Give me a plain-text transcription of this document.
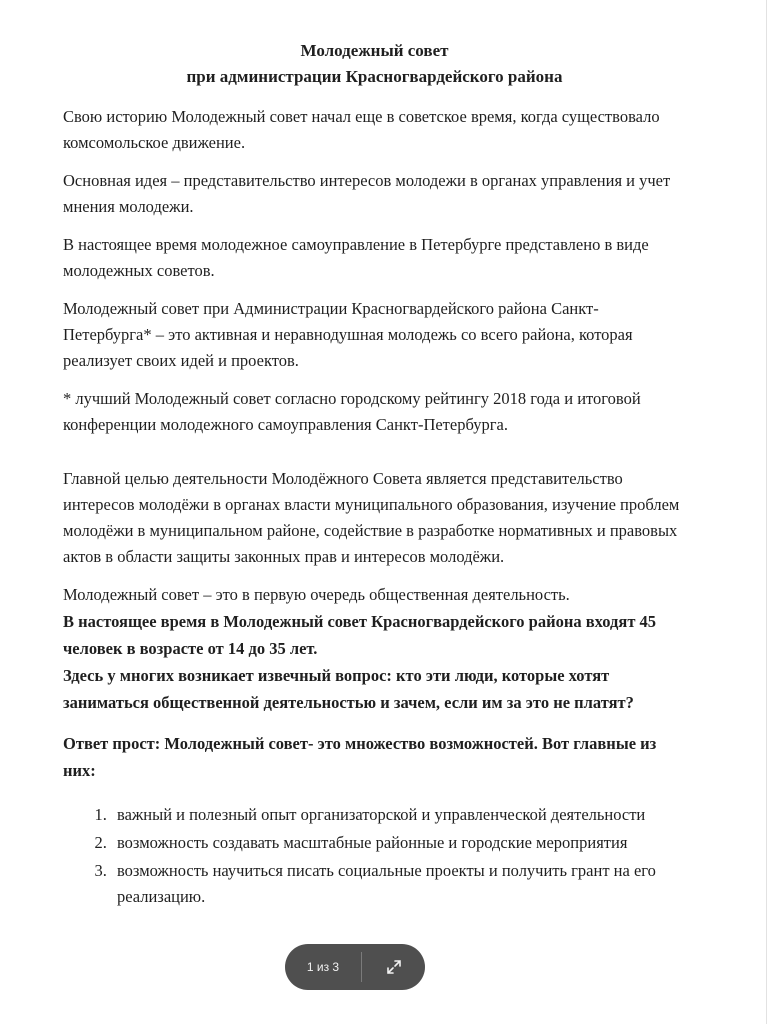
Молодежный совет
при администрации Красногвардейского района

Свою историю Молодежный совет начал еще в советское время, когда существовало комсомольское движение.

Основная идея – представительство интересов молодежи в органах управления и учет мнения молодежи.

В настоящее время молодежное самоуправление в Петербурге представлено в виде молодежных советов.

Молодежный совет при Администрации Красногвардейского района Санкт-Петербурга* – это активная и неравнодушная молодежь со всего района, которая реализует своих идей и проектов.

* лучший Молодежный совет согласно городскому рейтингу 2018 года и итоговой конференции молодежного самоуправления Санкт-Петербурга.

Главной целью деятельности Молодёжного Совета является представительство интересов молодёжи в органах власти муниципального образования, изучение проблем молодёжи в муниципальном районе, содействие в разработке нормативных и правовых актов в области защиты законных прав и интересов молодёжи.

Молодежный совет – это в первую очередь общественная деятельность.

В настоящее время в Молодежный совет Красногвардейского района входят 45 человек в возрасте от 14 до 35 лет.

Здесь у многих возникает извечный вопрос: кто эти люди, которые хотят заниматься общественной деятельностью и зачем, если им за это не платят?

Ответ прост: Молодежный совет- это множество возможностей. Вот главные из них:

1. важный и полезный опыт организаторской и управленческой деятельности
2. возможность создавать масштабные районные и городские мероприятия
3. возможность научиться писать социальные проекты и получить грант на его реализацию.
1 из 3
